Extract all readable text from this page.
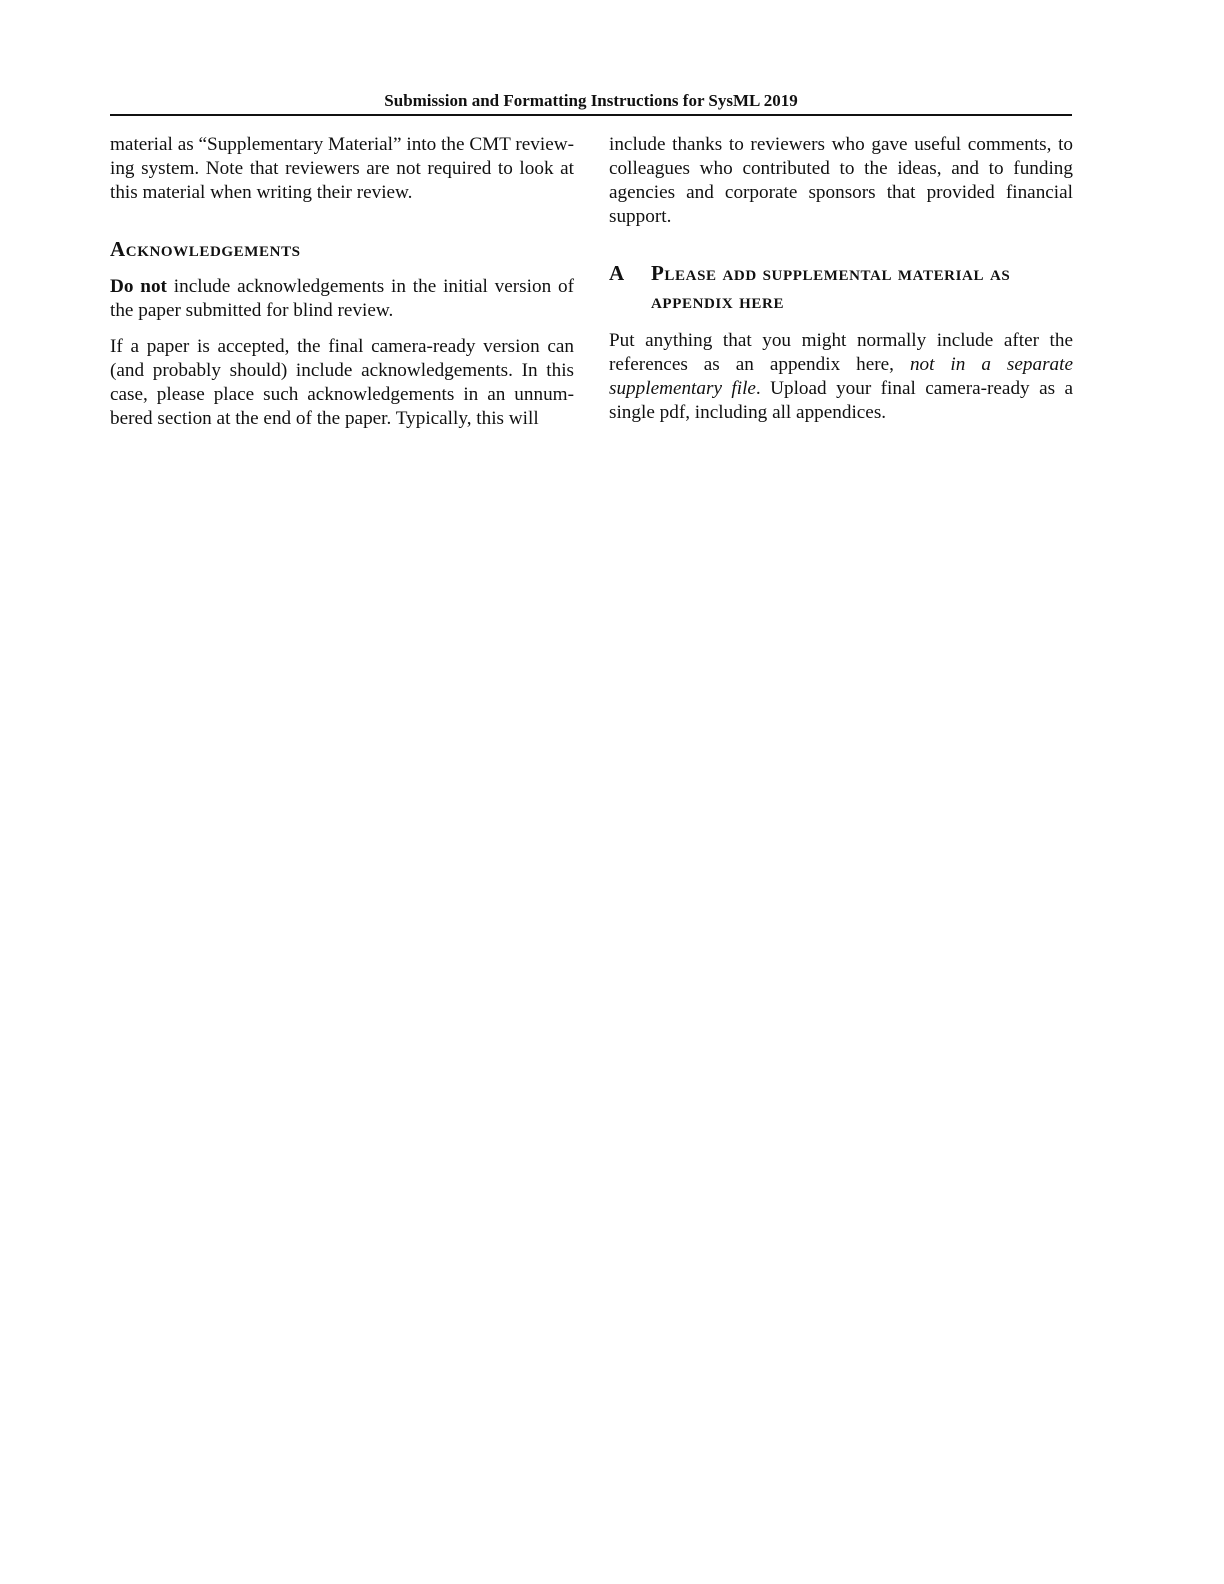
Submission and Formatting Instructions for SysML 2019

material as “Supplementary Material” into the CMT reviewing system. Note that reviewers are not required to look at this material when writing their review.

Acknowledgements

Do not include acknowledgements in the initial version of the paper submitted for blind review.

If a paper is accepted, the final camera-ready version can (and probably should) include acknowledgements. In this case, please place such acknowledgements in an unnumbered section at the end of the paper. Typically, this will

include thanks to reviewers who gave useful comments, to colleagues who contributed to the ideas, and to funding agencies and corporate sponsors that provided financial support.

A	Please add supplemental material as appendix here

Put anything that you might normally include after the references as an appendix here, not in a separate supplementary file. Upload your final camera-ready as a single pdf, including all appendices.
